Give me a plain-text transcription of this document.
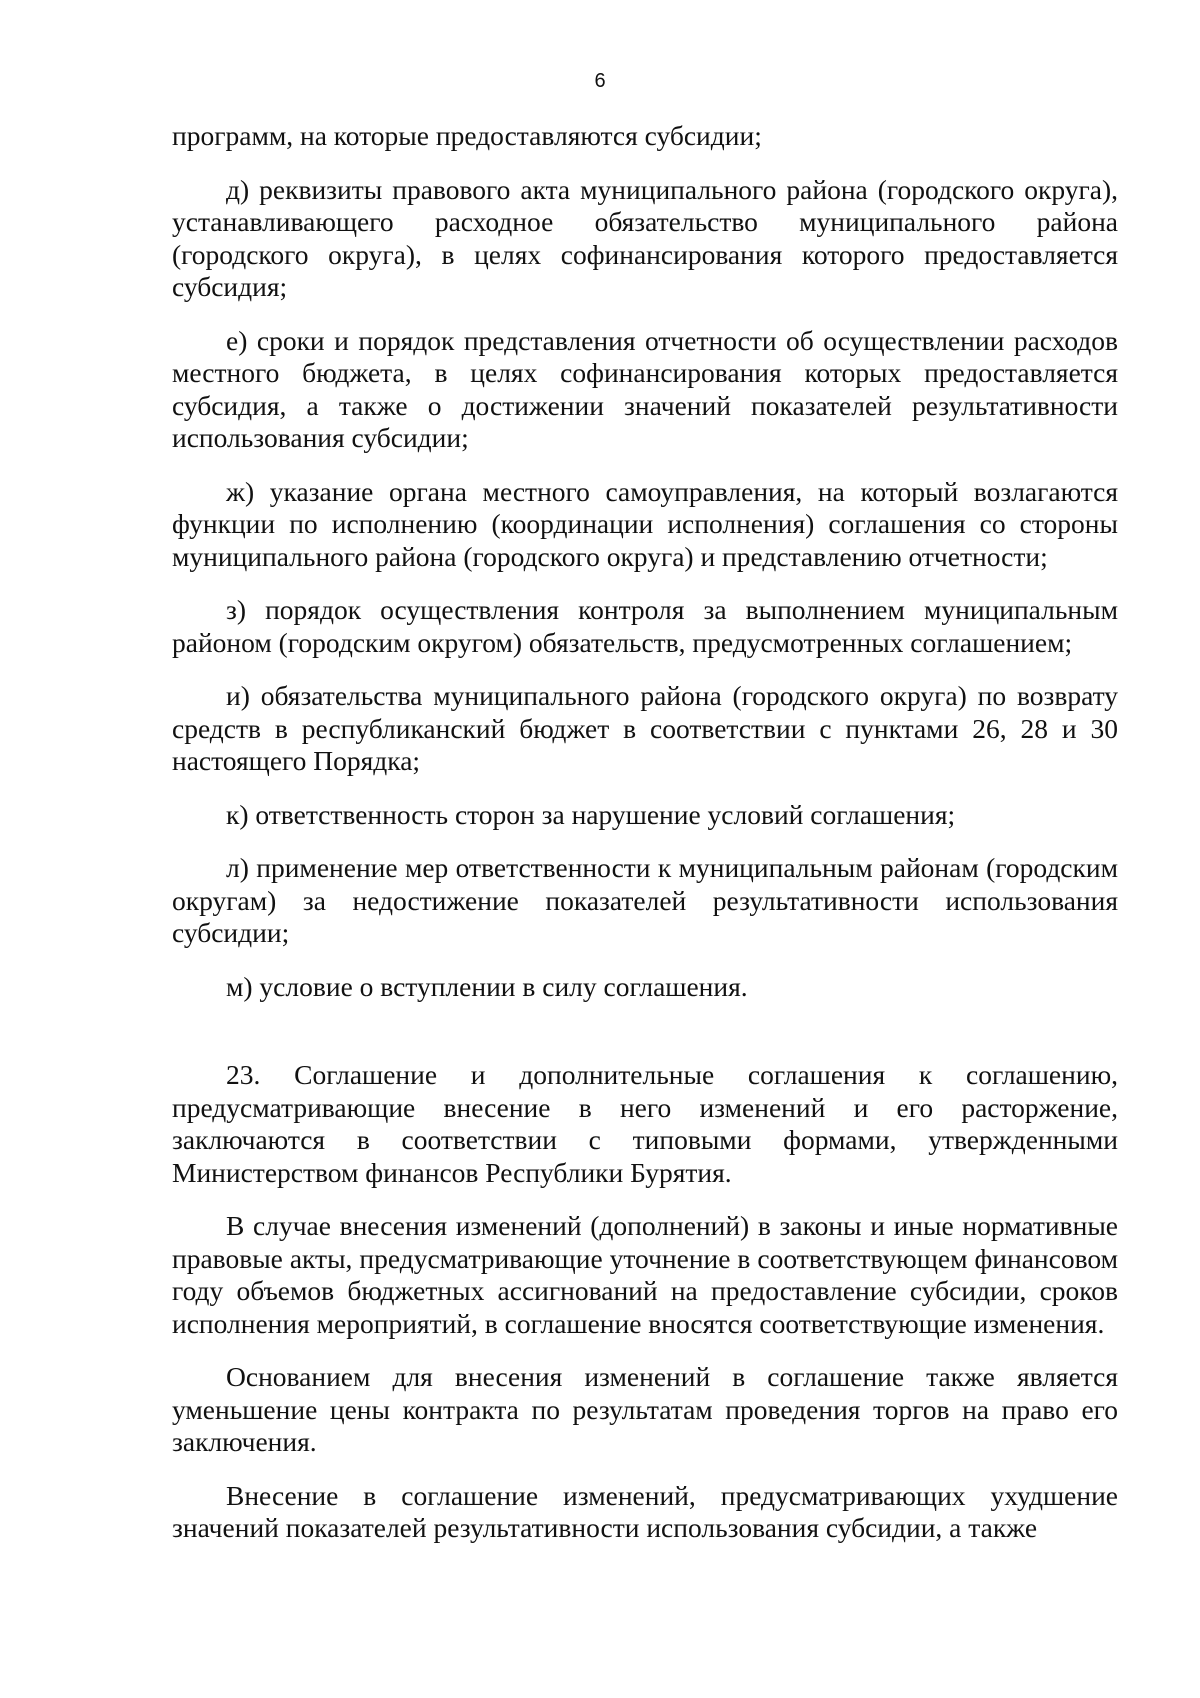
6

программ, на которые предоставляются субсидии;

д) реквизиты правового акта муниципального района (городского округа), устанавливающего расходное обязательство муниципального района (городского округа), в целях софинансирования которого предоставляется субсидия;

е) сроки и порядок представления отчетности об осуществлении расходов местного бюджета, в целях софинансирования которых предоставляется субсидия, а также о достижении значений показателей результативности использования субсидии;

ж) указание органа местного самоуправления, на который возлагаются функции по исполнению (координации исполнения) соглашения со стороны муниципального района (городского округа) и представлению отчетности;

з) порядок осуществления контроля за выполнением муниципальным районом (городским округом) обязательств, предусмотренных соглашением;

и) обязательства муниципального района (городского округа) по возврату средств в республиканский бюджет в соответствии с пунктами 26, 28 и 30 настоящего Порядка;

к) ответственность сторон за нарушение условий соглашения;

л) применение мер ответственности к муниципальным районам (городским округам) за недостижение показателей результативности использования субсидии;

м) условие о вступлении в силу соглашения.

23. Соглашение и дополнительные соглашения к соглашению, предусматривающие внесение в него изменений и его расторжение, заключаются в соответствии с типовыми формами, утвержденными Министерством финансов Республики Бурятия.

В случае внесения изменений (дополнений) в законы и иные нормативные правовые акты, предусматривающие уточнение в соответствующем финансовом году объемов бюджетных ассигнований на предоставление субсидии, сроков исполнения мероприятий, в соглашение вносятся соответствующие изменения.

Основанием для внесения изменений в соглашение также является уменьшение цены контракта по результатам проведения торгов на право его заключения.

Внесение в соглашение изменений, предусматривающих ухудшение значений показателей результативности использования субсидии, а также
